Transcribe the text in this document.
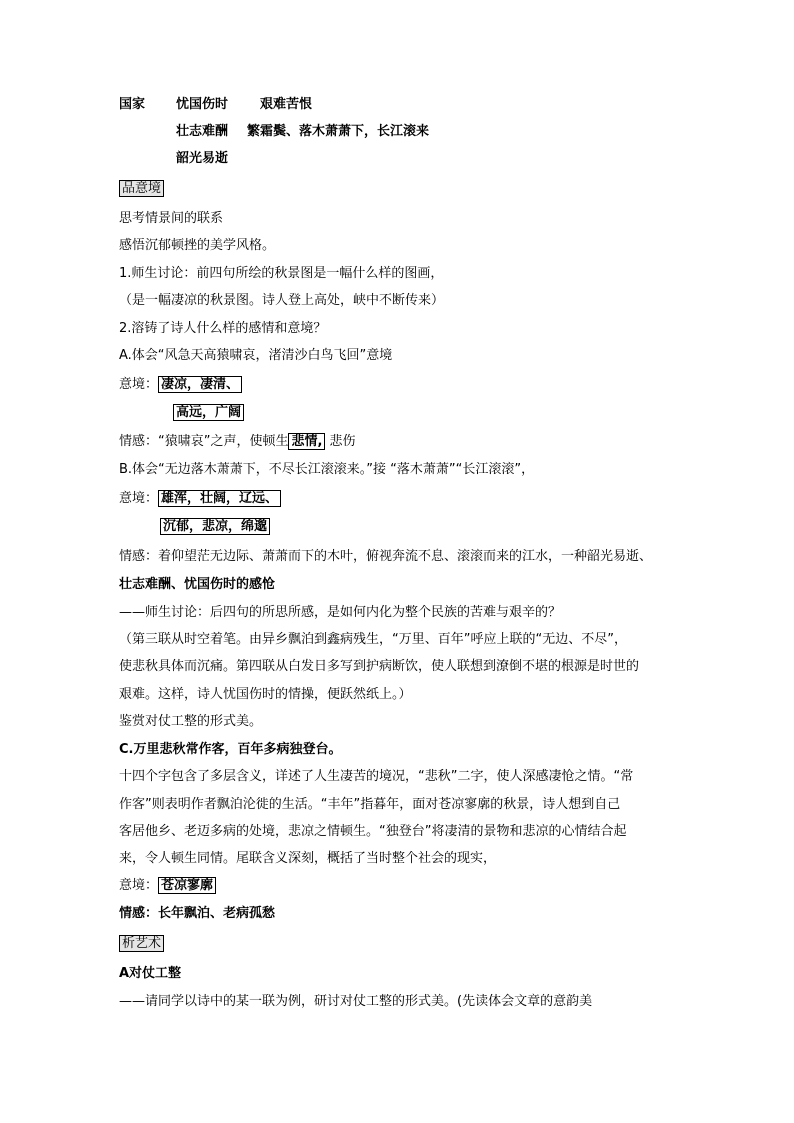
国家 忧国伤时 艰难苦恨
壮志难酬 繁霜鬓、落木萧萧下，长江滚来
韶光易逝
品意境
思考情景间的联系
感悟沉郁顿挫的美学风格。
1.师生讨论：前四句所绘的秋景图是一幅什么样的图画，
（是一幅凄凉的秋景图。诗人登上高处，峡中不断传来）
2.溶铸了诗人什么样的感情和意境？
A.体会“风急天高猿啸哀，渚清沙白鸟飞回”意境
意境： 凄凉，凄清、
高远，广阔
情感：“猿啸哀”之声，使顿生 悲情, 悲伤
B.体会“无边落木萧萧下，不尽长江滚滚来。”接 “落木萧萧”“长江滚滚”，
意境： 雄浑，壮阔，辽远、
沉郁，悲凉，绵邈
情感：着仰望茫无边际、萧萧而下的木叶，俯视奔流不息、滚滚而来的江水，一种韶光易逝、
壮志难酬、忧国伤时的感怆
——师生讨论：后四句的所思所感，是如何内化为整个民族的苦难与艰辛的？
（第三联从时空着笔。由异乡飘泊到鑫病残生，“万里、百年”呼应上联的“无边、不尽”，
使悲秋具体而沉痛。第四联从白发日多写到护病断饮，使人联想到潦倒不堪的根源是时世的
艰难。这样，诗人忧国伤时的情操，便跃然纸上。）
鉴赏对仗工整的形式美。
C.万里悲秋常作客，百年多病独登台。
十四个字包含了多层含义，详述了人生凄苦的境况，“悲秋”二字，使人深感凄怆之情。“常
作客”则表明作者飘泊沦徙的生活。“丰年”指暮年，面对苍凉寥廓的秋景，诗人想到自己
客居他乡、老迈多病的处境，悲凉之情顿生。“独登台”将凄清的景物和悲凉的心情结合起
来，令人顿生同情。尾联含义深刻，概括了当时整个社会的现实，
意境： 苍凉寥廓
情感：长年飘泊、老病孤愁
析艺术
A对仗工整
——请同学以诗中的某一联为例，研讨对仗工整的形式美。(先读体会文章的意韵美
